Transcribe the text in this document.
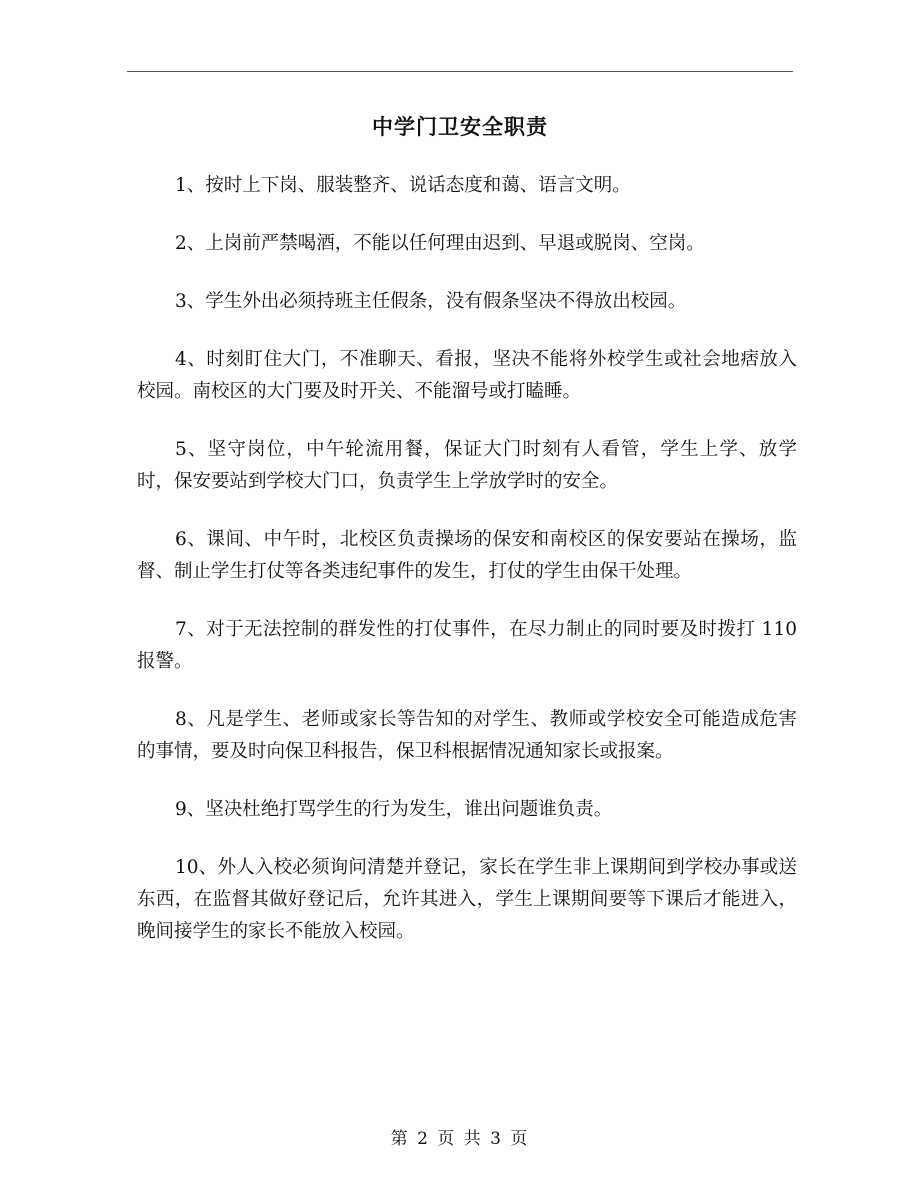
中学门卫安全职责

1、按时上下岗、服装整齐、说话态度和蔼、语言文明。

2、上岗前严禁喝酒，不能以任何理由迟到、早退或脱岗、空岗。

3、学生外出必须持班主任假条，没有假条坚决不得放出校园。

4、时刻盯住大门，不准聊天、看报，坚决不能将外校学生或社会地痞放入校园。南校区的大门要及时开关、不能溜号或打瞌睡。

5、坚守岗位，中午轮流用餐，保证大门时刻有人看管，学生上学、放学时，保安要站到学校大门口，负责学生上学放学时的安全。

6、课间、中午时，北校区负责操场的保安和南校区的保安要站在操场，监督、制止学生打仗等各类违纪事件的发生，打仗的学生由保干处理。

7、对于无法控制的群发性的打仗事件，在尽力制止的同时要及时拨打 110 报警。

8、凡是学生、老师或家长等告知的对学生、教师或学校安全可能造成危害的事情，要及时向保卫科报告，保卫科根据情况通知家长或报案。

9、坚决杜绝打骂学生的行为发生，谁出问题谁负责。

10、外人入校必须询问清楚并登记，家长在学生非上课期间到学校办事或送东西，在监督其做好登记后，允许其进入，学生上课期间要等下课后才能进入，晚间接学生的家长不能放入校园。

第 2 页 共 3 页
